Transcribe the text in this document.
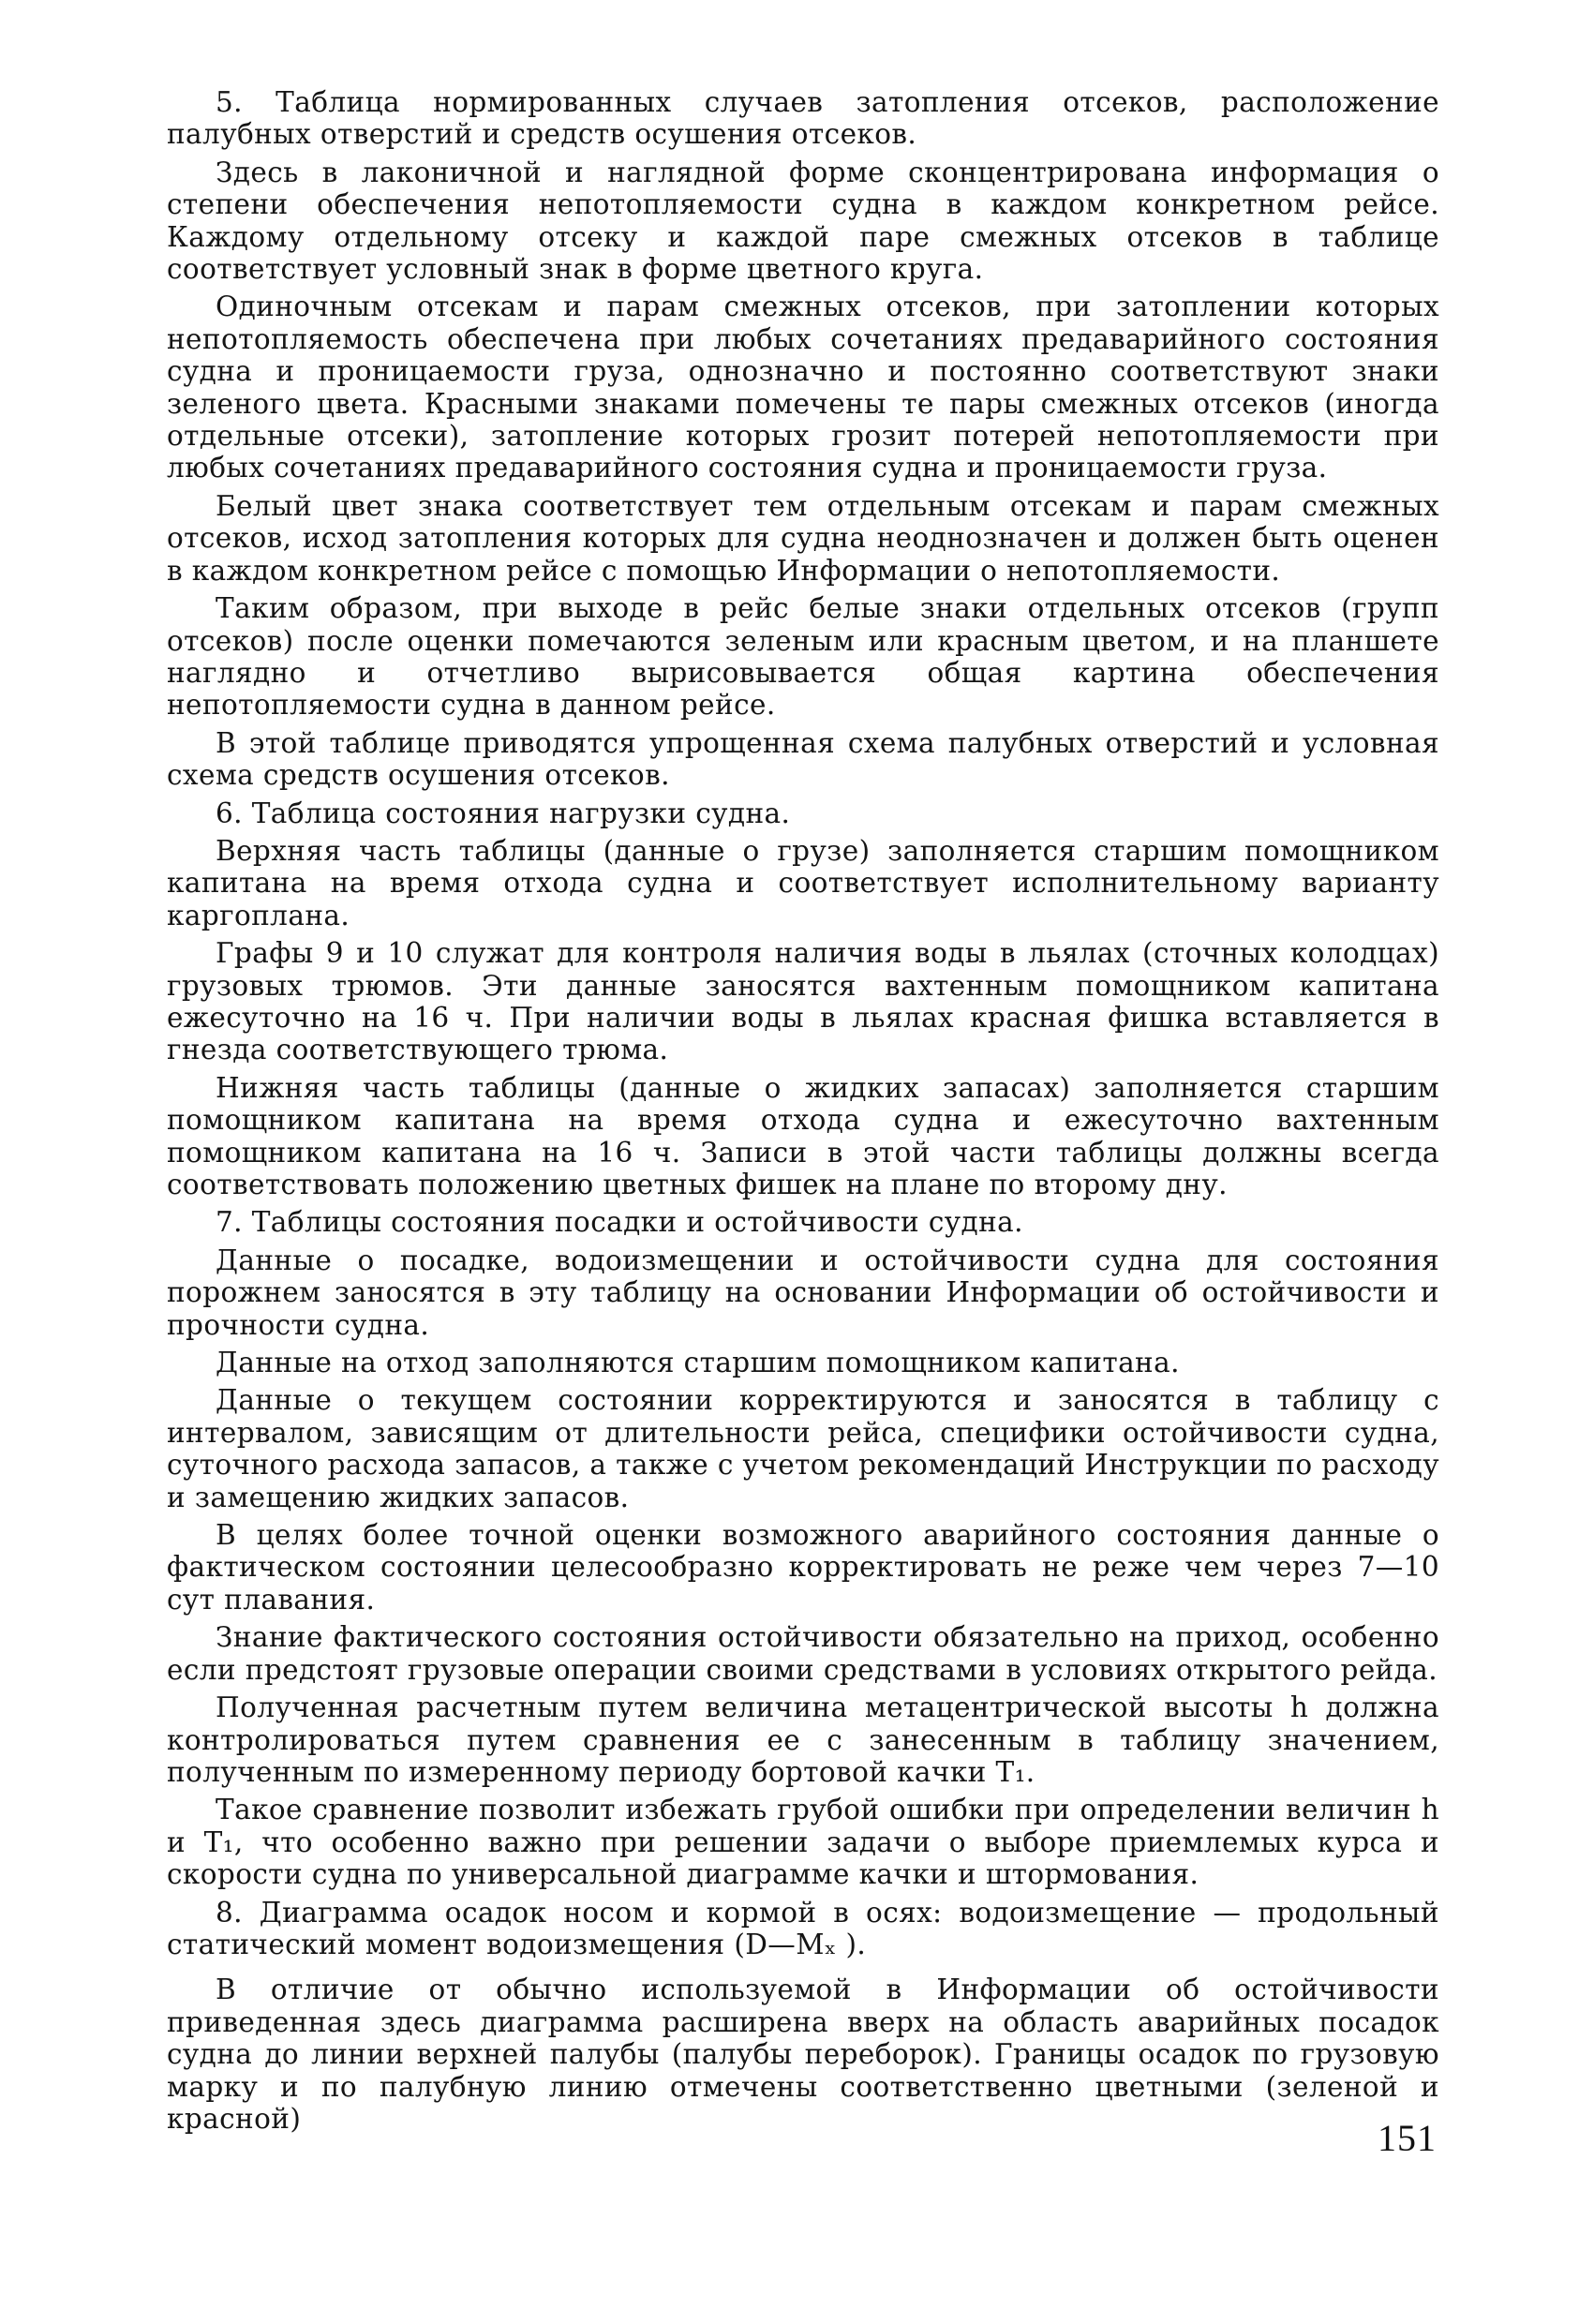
5. Таблица нормированных случаев затопления отсеков, расположение палубных отверстий и средств осушения отсеков.

Здесь в лаконичной и наглядной форме сконцентрирована информация о степени обеспечения непотопляемости судна в каждом конкретном рейсе. Каждому отдельному отсеку и каждой паре смежных отсеков в таблице соответствует условный знак в форме цветного круга.

Одиночным отсекам и парам смежных отсеков, при затоплении которых непотопляемость обеспечена при любых сочетаниях предаварийного состояния судна и проницаемости груза, однозначно и постоянно соответствуют знаки зеленого цвета. Красными знаками помечены те пары смежных отсеков (иногда отдельные отсеки), затопление которых грозит потерей непотопляемости при любых сочетаниях предаварийного состояния судна и проницаемости груза.

Белый цвет знака соответствует тем отдельным отсекам и парам смежных отсеков, исход затопления которых для судна неоднозначен и должен быть оценен в каждом конкретном рейсе с помощью Информации о непотопляемости.

Таким образом, при выходе в рейс белые знаки отдельных отсеков (групп отсеков) после оценки помечаются зеленым или красным цветом, и на планшете наглядно и отчетливо вырисовывается общая картина обеспечения непотопляемости судна в данном рейсе.

В этой таблице приводятся упрощенная схема палубных отверстий и условная схема средств осушения отсеков.

6. Таблица состояния нагрузки судна.

Верхняя часть таблицы (данные о грузе) заполняется старшим помощником капитана на время отхода судна и соответствует исполнительному варианту каргоплана.

Графы 9 и 10 служат для контроля наличия воды в льялах (сточных колодцах) грузовых трюмов. Эти данные заносятся вахтенным помощником капитана ежесуточно на 16 ч. При наличии воды в льялах красная фишка вставляется в гнезда соответствующего трюма.

Нижняя часть таблицы (данные о жидких запасах) заполняется старшим помощником капитана на время отхода судна и ежесуточно вахтенным помощником капитана на 16 ч. Записи в этой части таблицы должны всегда соответствовать положению цветных фишек на плане по второму дну.

7. Таблицы состояния посадки и остойчивости судна.

Данные о посадке, водоизмещении и остойчивости судна для состояния порожнем заносятся в эту таблицу на основании Информации об остойчивости и прочности судна.

Данные на отход заполняются старшим помощником капитана.

Данные о текущем состоянии корректируются и заносятся в таблицу с интервалом, зависящим от длительности рейса, специфики остойчивости судна, суточного расхода запасов, а также с учетом рекомендаций Инструкции по расходу и замещению жидких запасов.

В целях более точной оценки возможного аварийного состояния данные о фактическом состоянии целесообразно корректировать не реже чем через 7—10 сут плавания.

Знание фактического состояния остойчивости обязательно на приход, особенно если предстоят грузовые операции своими средствами в условиях открытого рейда.

Полученная расчетным путем величина метацентрической высоты h должна контролироваться путем сравнения ее с занесенным в таблицу значением, полученным по измеренному периоду бортовой качки T₁.

Такое сравнение позволит избежать грубой ошибки при определении величин h и T₁, что особенно важно при решении задачи о выборе приемлемых курса и скорости судна по универсальной диаграмме качки и штормования.

8. Диаграмма осадок носом и кормой в осях: водоизмещение — продольный статический момент водоизмещения (D—Mₓ ).

В отличие от обычно используемой в Информации об остойчивости приведенная здесь диаграмма расширена вверх на область аварийных посадок судна до линии верхней палубы (палубы переборок). Границы осадок по грузовую марку и по палубную линию отмечены соответственно цветными (зеленой и красной)	151
